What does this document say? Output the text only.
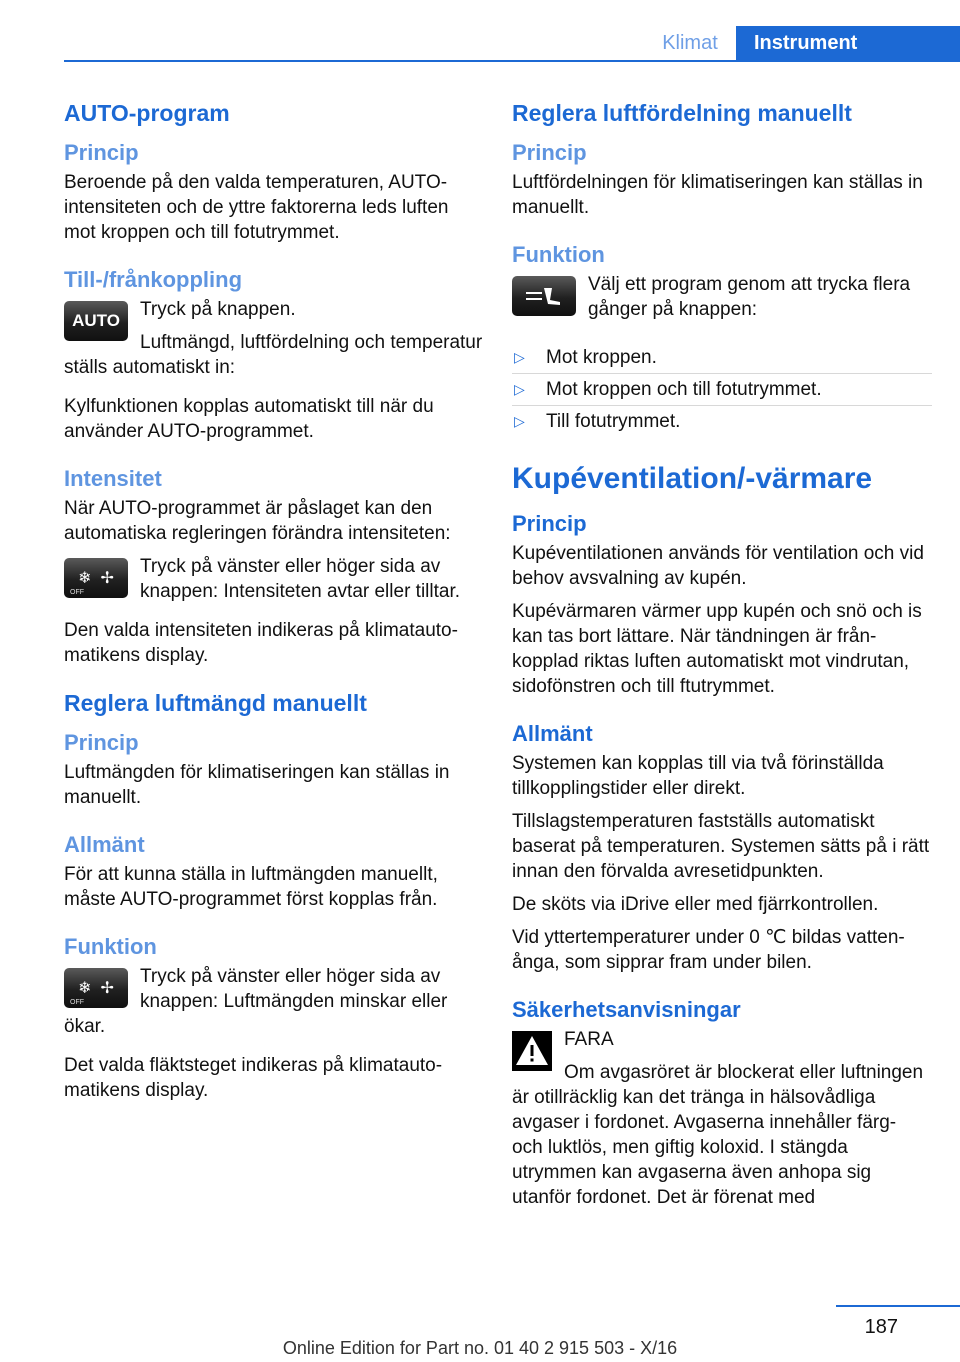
Klimat	Instrument
AUTO-program
Princip
Beroende på den valda temperaturen, AUTO-intensiteten och de yttre faktorerna leds luften mot kroppen och till fotutrymmet.
Till-/frånkoppling
AUTO
Tryck på knappen.
Luftmängd, luftfördelning och temperatur ställs automatiskt in:
Kylfunktionen kopplas automatiskt till när du använder AUTO-programmet.
Intensitet
När AUTO-programmet är påslaget kan den automatiska regleringen förändra intensiteten:
❄
✢
OFF
Tryck på vänster eller höger sida av knappen: Intensiteten avtar eller tilltar.
Den valda intensiteten indikeras på klimatautomatikens display.
Reglera luftmängd manuellt
Princip
Luftmängden för klimatiseringen kan ställas in manuellt.
Allmänt
För att kunna ställa in luftmängden manuellt, måste AUTO-programmet först kopplas från.
Funktion
❄
✢
OFF
Tryck på vänster eller höger sida av knappen: Luftmängden minskar eller ökar.
Det valda fläktsteget indikeras på klimatautomatikens display.
Reglera luftfördelning manuellt
Princip
Luftfördelningen för klimatiseringen kan ställas in manuellt.
Funktion
Välj ett program genom att trycka flera gånger på knappen:
▷ Mot kroppen.
▷ Mot kroppen och till fotutrymmet.
▷ Till fotutrymmet.
Kupéventilation/-värmare
Princip
Kupéventilationen används för ventilation och vid behov avsvalning av kupén.
Kupévärmaren värmer upp kupén och snö och is kan tas bort lättare. När tändningen är frånkopplad riktas luften automatiskt mot vindrutan, sidofönstren och till ftutrymmet.
Allmänt
Systemen kan kopplas till via två förinställda tillkopplingstider eller direkt.
Tillslagstemperaturen fastställs automatiskt baserat på temperaturen. Systemen sätts på i rätt innan den förvalda avresetidpunkten.
De sköts via iDrive eller med fjärrkontrollen.
Vid yttertemperaturer under 0 ℃ bildas vattenånga, som sipprar fram under bilen.
Säkerhetsanvisningar
FARA
Om avgasröret är blockerat eller luftningen är otillräcklig kan det tränga in hälsovådliga avgaser i fordonet. Avgaserna innehåller färg- och luktlös, men giftig koloxid. I stängda utrymmen kan avgaserna även anhopa sig utanför fordonet. Det är förenat med
187
Online Edition for Part no. 01 40 2 915 503 - X/16
